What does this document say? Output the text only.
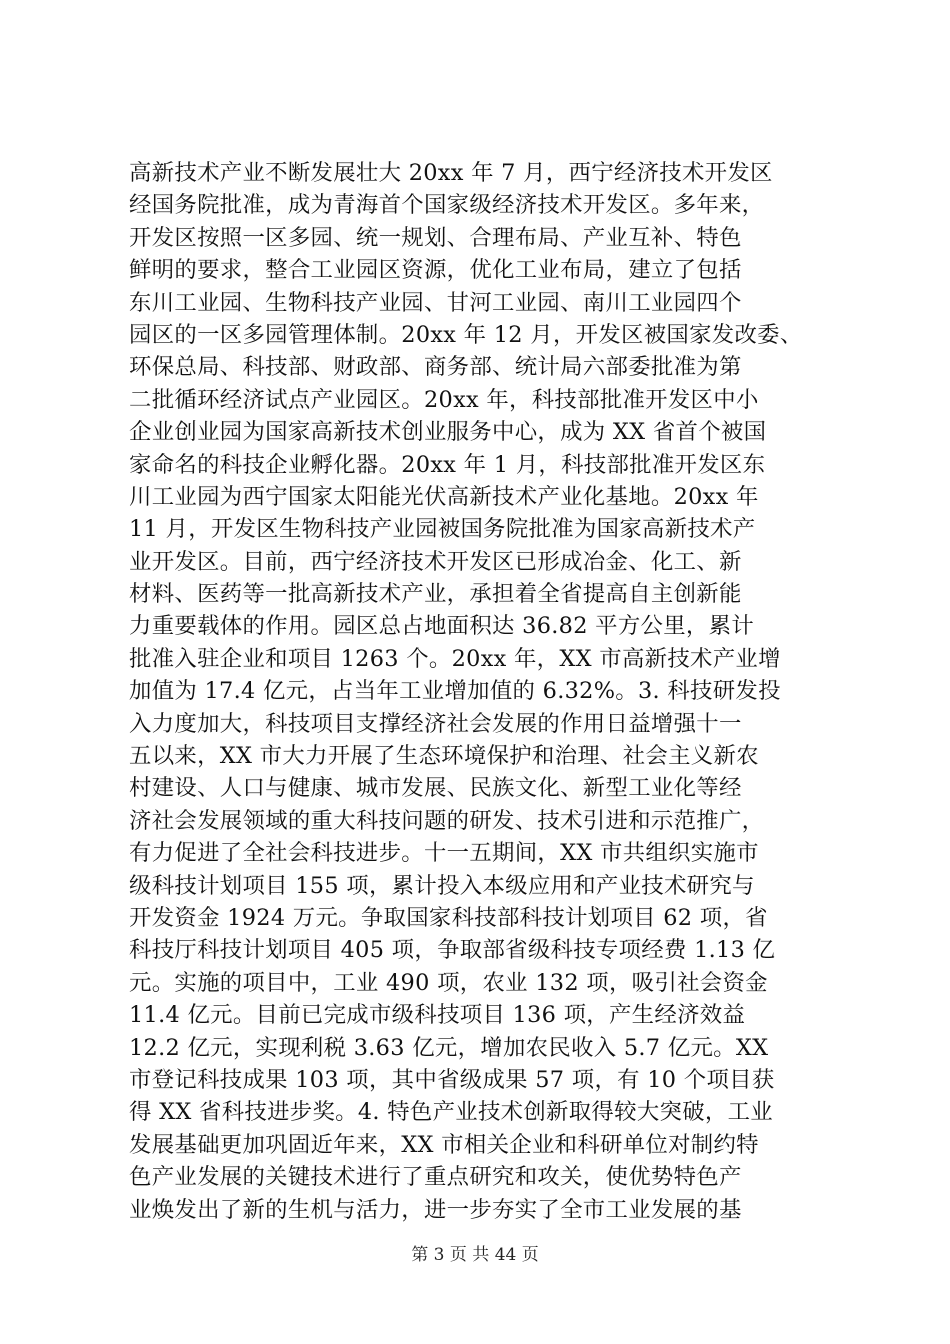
高新技术产业不断发展壮大 20xx 年 7 月，西宁经济技术开发区
经国务院批准，成为青海首个国家级经济技术开发区。多年来，
开发区按照一区多园、统一规划、合理布局、产业互补、特色
鲜明的要求，整合工业园区资源，优化工业布局，建立了包括
东川工业园、生物科技产业园、甘河工业园、南川工业园四个
园区的一区多园管理体制。20xx 年 12 月，开发区被国家发改委、
环保总局、科技部、财政部、商务部、统计局六部委批准为第
二批循环经济试点产业园区。20xx 年，科技部批准开发区中小
企业创业园为国家高新技术创业服务中心，成为 XX 省首个被国
家命名的科技企业孵化器。20xx 年 1 月，科技部批准开发区东
川工业园为西宁国家太阳能光伏高新技术产业化基地。20xx 年
11 月，开发区生物科技产业园被国务院批准为国家高新技术产
业开发区。目前，西宁经济技术开发区已形成冶金、化工、新
材料、医药等一批高新技术产业，承担着全省提高自主创新能
力重要载体的作用。园区总占地面积达 36.82 平方公里，累计
批准入驻企业和项目 1263 个。20xx 年，XX 市高新技术产业增
加值为 17.4 亿元，占当年工业增加值的 6.32%。3. 科技研发投
入力度加大，科技项目支撑经济社会发展的作用日益增强十一
五以来，XX 市大力开展了生态环境保护和治理、社会主义新农
村建设、人口与健康、城市发展、民族文化、新型工业化等经
济社会发展领域的重大科技问题的研发、技术引进和示范推广，
有力促进了全社会科技进步。十一五期间，XX 市共组织实施市
级科技计划项目 155 项，累计投入本级应用和产业技术研究与
开发资金 1924 万元。争取国家科技部科技计划项目 62 项，省
科技厅科技计划项目 405 项，争取部省级科技专项经费 1.13 亿
元。实施的项目中，工业 490 项，农业 132 项，吸引社会资金
11.4 亿元。目前已完成市级科技项目 136 项，产生经济效益
12.2 亿元，实现利税 3.63 亿元，增加农民收入 5.7 亿元。XX
市登记科技成果 103 项，其中省级成果 57 项，有 10 个项目获
得 XX 省科技进步奖。4. 特色产业技术创新取得较大突破，工业
发展基础更加巩固近年来，XX 市相关企业和科研单位对制约特
色产业发展的关键技术进行了重点研究和攻关，使优势特色产
业焕发出了新的生机与活力，进一步夯实了全市工业发展的基
第 3 页 共 44 页
